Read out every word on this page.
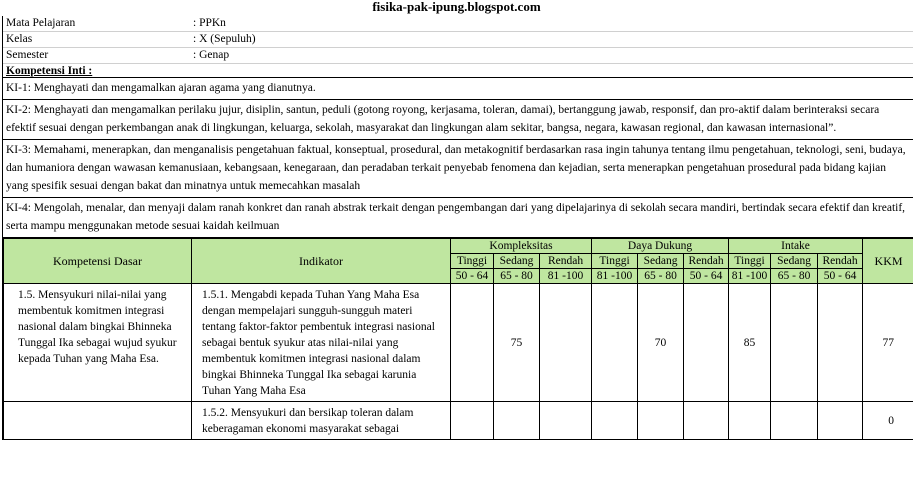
fisika-pak-ipung.blogspot.com
Mata Pelajaran	: PPKn
Kelas	: X (Sepuluh)
Semester	: Genap
Kompetensi Inti :
KI-1: Menghayati dan mengamalkan ajaran agama yang dianutnya.
KI-2: Menghayati dan mengamalkan perilaku jujur, disiplin, santun, peduli (gotong royong, kerjasama, toleran, damai), bertanggung jawab, responsif, dan pro-aktif dalam berinteraksi secara efektif sesuai dengan perkembangan anak di lingkungan, keluarga, sekolah, masyarakat dan lingkungan alam sekitar, bangsa, negara, kawasan regional, dan kawasan internasional”.
KI-3: Memahami, menerapkan, dan menganalisis pengetahuan faktual, konseptual, prosedural, dan metakognitif berdasarkan rasa ingin tahunya tentang ilmu pengetahuan, teknologi, seni, budaya, dan humaniora dengan wawasan kemanusiaan, kebangsaan, kenegaraan, dan peradaban terkait penyebab fenomena dan kejadian, serta menerapkan pengetahuan prosedural pada bidang kajian yang spesifik sesuai dengan bakat dan minatnya untuk memecahkan masalah
KI-4: Mengolah, menalar, dan menyaji dalam ranah konkret dan ranah abstrak terkait dengan pengembangan dari yang dipelajarinya di sekolah secara mandiri, bertindak secara efektif dan kreatif, serta mampu menggunakan metode sesuai kaidah keilmuan
Kompetensi Dasar	Indikator	Kompleksitas			Daya Dukung			Intake			KKM
		Tinggi	Sedang	Rendah	Tinggi	Sedang	Rendah	Tinggi	Sedang	Rendah	
		50 - 64	65 - 80	81 -100	81 -100	65 - 80	50 - 64	81 -100	65 - 80	50 - 64	
1.5. Mensyukuri nilai-nilai yang membentuk komitmen integrasi nasional dalam bingkai Bhinneka Tunggal Ika sebagai wujud syukur kepada Tuhan yang Maha Esa.	1.5.1. Mengabdi kepada Tuhan Yang Maha Esa dengan mempelajari sungguh-sungguh materi tentang faktor-faktor pembentuk integrasi nasional sebagai bentuk syukur atas nilai-nilai yang membentuk komitmen integrasi nasional dalam bingkai Bhinneka Tunggal Ika sebagai karunia Tuhan Yang Maha Esa		75			70		85			77
	1.5.2. Mensyukuri dan bersikap toleran dalam keberagaman ekonomi masyarakat sebagai										0
